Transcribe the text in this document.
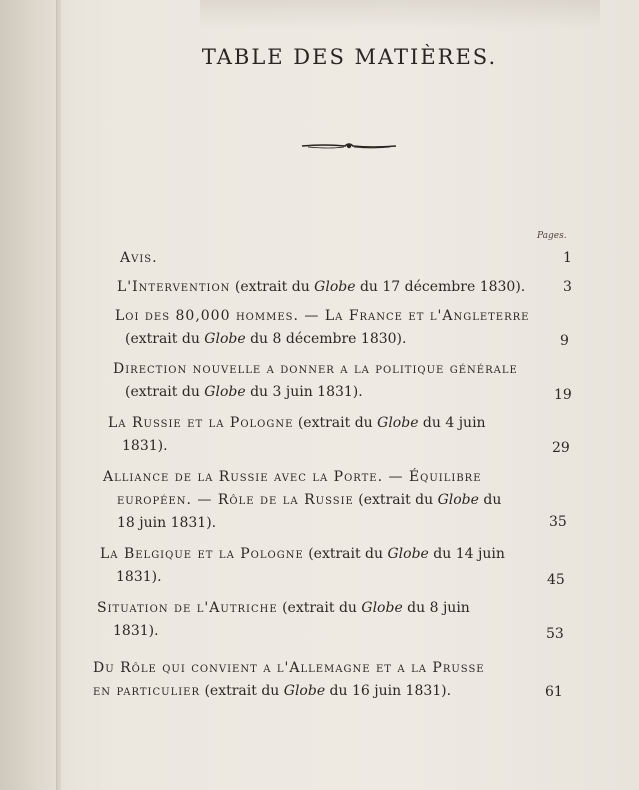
TABLE DES MATIÈRES.
Pages.
Avis.	1
L'Intervention (extrait du Globe du 17 décembre 1830).	3
Loi des 80,000 hommes. — La France et l'Angleterre
(extrait du Globe du 8 décembre 1830).	9
Direction nouvelle a donner a la politique générale
(extrait du Globe du 3 juin 1831).	19
La Russie et la Pologne (extrait du Globe du 4 juin
1831).	29
Alliance de la Russie avec la Porte. — Équilibre
européen. — Rôle de la Russie (extrait du Globe du
18 juin 1831).	35
La Belgique et la Pologne (extrait du Globe du 14 juin
1831).	45
Situation de l'Autriche (extrait du Globe du 8 juin
1831).	53
Du Rôle qui convient a l'Allemagne et a la Prusse
en particulier (extrait du Globe du 16 juin 1831).	61
